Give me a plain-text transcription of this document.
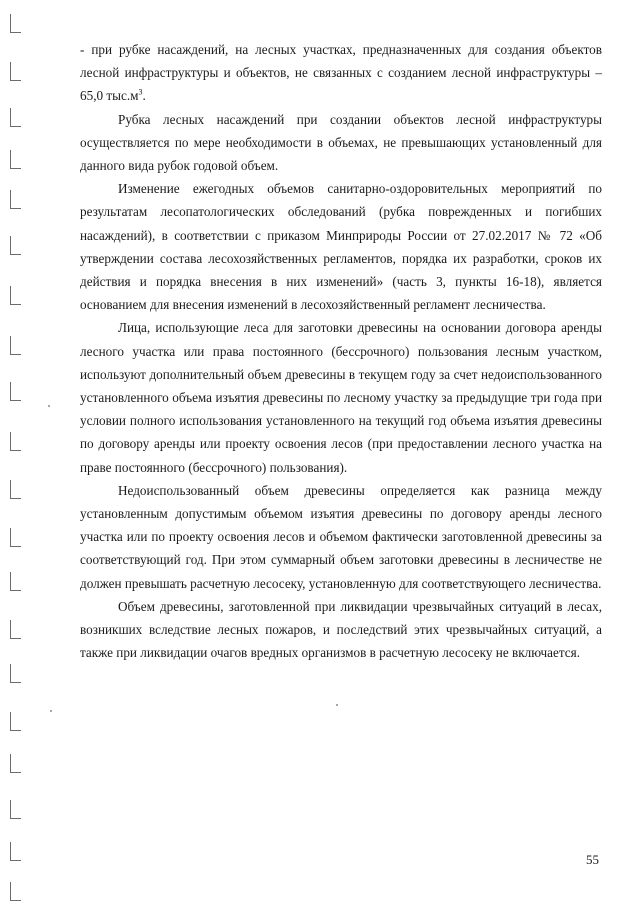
- при рубке насаждений, на лесных участках, предназначенных для создания объектов лесной инфраструктуры и объектов, не связанных с созданием лесной инфраструктуры – 65,0 $тыс.м^3$.

Рубка лесных насаждений при создании объектов лесной инфраструктуры осуществляется по мере необходимости в объемах, не превышающих установленный для данного вида рубок годовой объем.

Изменение ежегодных объемов санитарно-оздоровительных мероприятий по результатам лесопатологических обследований (рубка поврежденных и погибших насаждений), в соответствии с приказом Минприроды России от 27.02.2017 № 72 «Об утверждении состава лесохозяйственных регламентов, порядка их разработки, сроков их действия и порядка внесения в них изменений» (часть 3, пункты 16-18), является основанием для внесения изменений в лесохозяйственный регламент лесничества.

Лица, использующие леса для заготовки древесины на основании договора аренды лесного участка или права постоянного (бессрочного) пользования лесным участком, используют дополнительный объем древесины в текущем году за счет недоиспользованного установленного объема изъятия древесины по лесному участку за предыдущие три года при условии полного использования установленного на текущий год объема изъятия древесины по договору аренды или проекту освоения лесов (при предоставлении лесного участка на праве постоянного (бессрочного) пользования).

Недоиспользованный объем древесины определяется как разница между установленным допустимым объемом изъятия древесины по договору аренды лесного участка или по проекту освоения лесов и объемом фактически заготовленной древесины за соответствующий год. При этом суммарный объем заготовки древесины в лесничестве не должен превышать расчетную лесосеку, установленную для соответствующего лесничества.

Объем древесины, заготовленной при ликвидации чрезвычайных ситуаций в лесах, возникших вследствие лесных пожаров, и последствий этих чрезвычайных ситуаций, а также при ликвидации очагов вредных организмов в расчетную лесосеку не включается.

55
